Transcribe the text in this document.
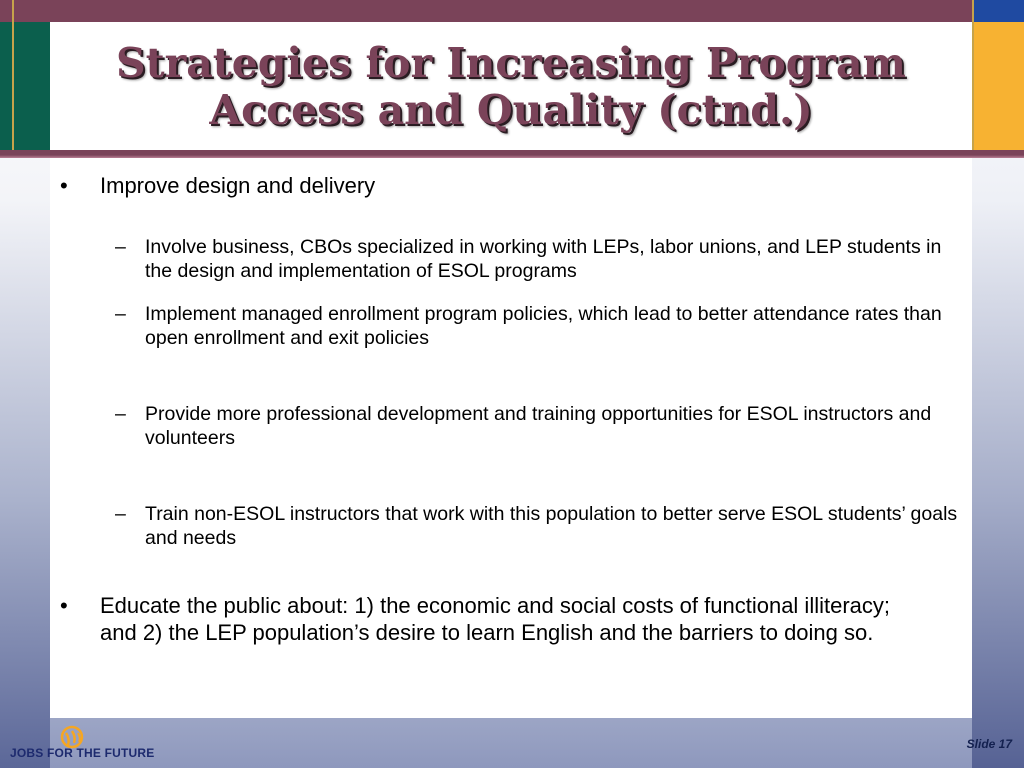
Strategies for Increasing Program Access and Quality (ctnd.)
• Improve design and delivery
– Involve business, CBOs specialized in working with LEPs, labor unions, and LEP students in the design and implementation of ESOL programs
– Implement managed enrollment program policies, which lead to better attendance rates than open enrollment and exit policies
– Provide more professional development and training opportunities for ESOL instructors and volunteers
– Train non-ESOL instructors that work with this population to better serve ESOL students’ goals and needs
• Educate the public about: 1) the economic and social costs of functional illiteracy; and 2) the LEP population’s desire to learn English and the barriers to doing so.
JOBS FOR THE FUTURE
Slide 17
